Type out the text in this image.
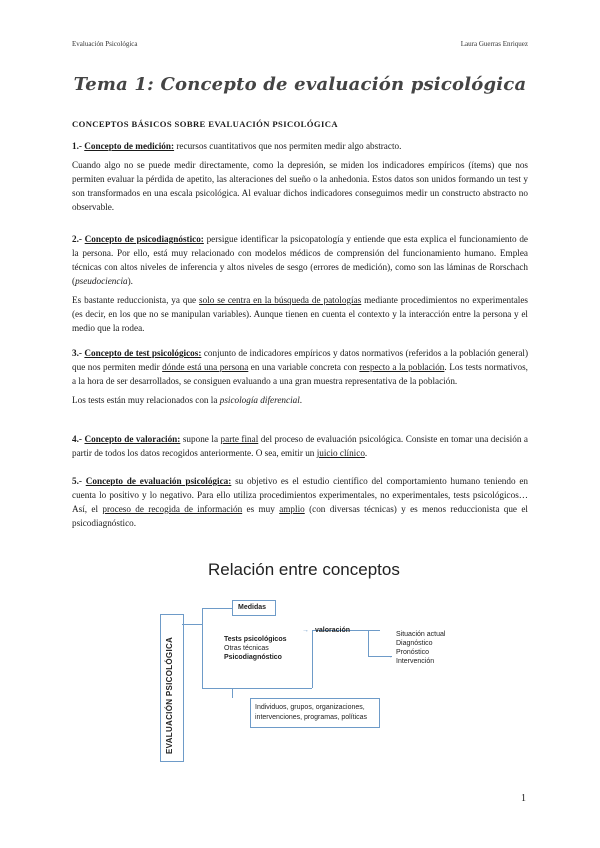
Evaluación Psicológica	Laura Guerras Enriquez
Tema 1: Concepto de evaluación psicológica
CONCEPTOS BÁSICOS SOBRE EVALUACIÓN PSICOLÓGICA

1.- Concepto de medición: recursos cuantitativos que nos permiten medir algo abstracto.

Cuando algo no se puede medir directamente, como la depresión, se miden los indicadores empíricos (ítems) que nos permiten evaluar la pérdida de apetito, las alteraciones del sueño o la anhedonia. Estos datos son unidos formando un test y son transformados en una escala psicológica. Al evaluar dichos indicadores conseguimos medir un constructo abstracto no observable.

2.- Concepto de psicodiagnóstico: persigue identificar la psicopatología y entiende que esta explica el funcionamiento de la persona. Por ello, está muy relacionado con modelos médicos de comprensión del funcionamiento humano. Emplea técnicas con altos niveles de inferencia y altos niveles de sesgo (errores de medición), como son las láminas de Rorschach (pseudociencia).

Es bastante reduccionista, ya que solo se centra en la búsqueda de patologías mediante procedimientos no experimentales (es decir, en los que no se manipulan variables). Aunque tienen en cuenta el contexto y la interacción entre la persona y el medio que la rodea.

3.- Concepto de test psicológicos: conjunto de indicadores empíricos y datos normativos (referidos a la población general) que nos permiten medir dónde está una persona en una variable concreta con respecto a la población. Los tests normativos, a la hora de ser desarrollados, se consiguen evaluando a una gran muestra representativa de la población.

Los tests están muy relacionados con la psicología diferencial.

4.- Concepto de valoración: supone la parte final del proceso de evaluación psicológica. Consiste en tomar una decisión a partir de todos los datos recogidos anteriormente. O sea, emitir un juicio clínico.

5.- Concepto de evaluación psicológica: su objetivo es el estudio científico del comportamiento humano teniendo en cuenta lo positivo y lo negativo. Para ello utiliza procedimientos experimentales, no experimentales, tests psicológicos… Así, el proceso de recogida de información es muy amplio (con diversas técnicas) y es menos reduccionista que el psicodiagnóstico.

Relación entre conceptos
EVALUACIÓN PSICOLÓGICA
Medidas
Tests psicológicos
Otras técnicas
Psicodiagnóstico
→ valoración
→
Situación actual
Diagnóstico
Pronóstico
Intervención
Individuos, grupos, organizaciones,
intervenciones, programas, políticas
1
